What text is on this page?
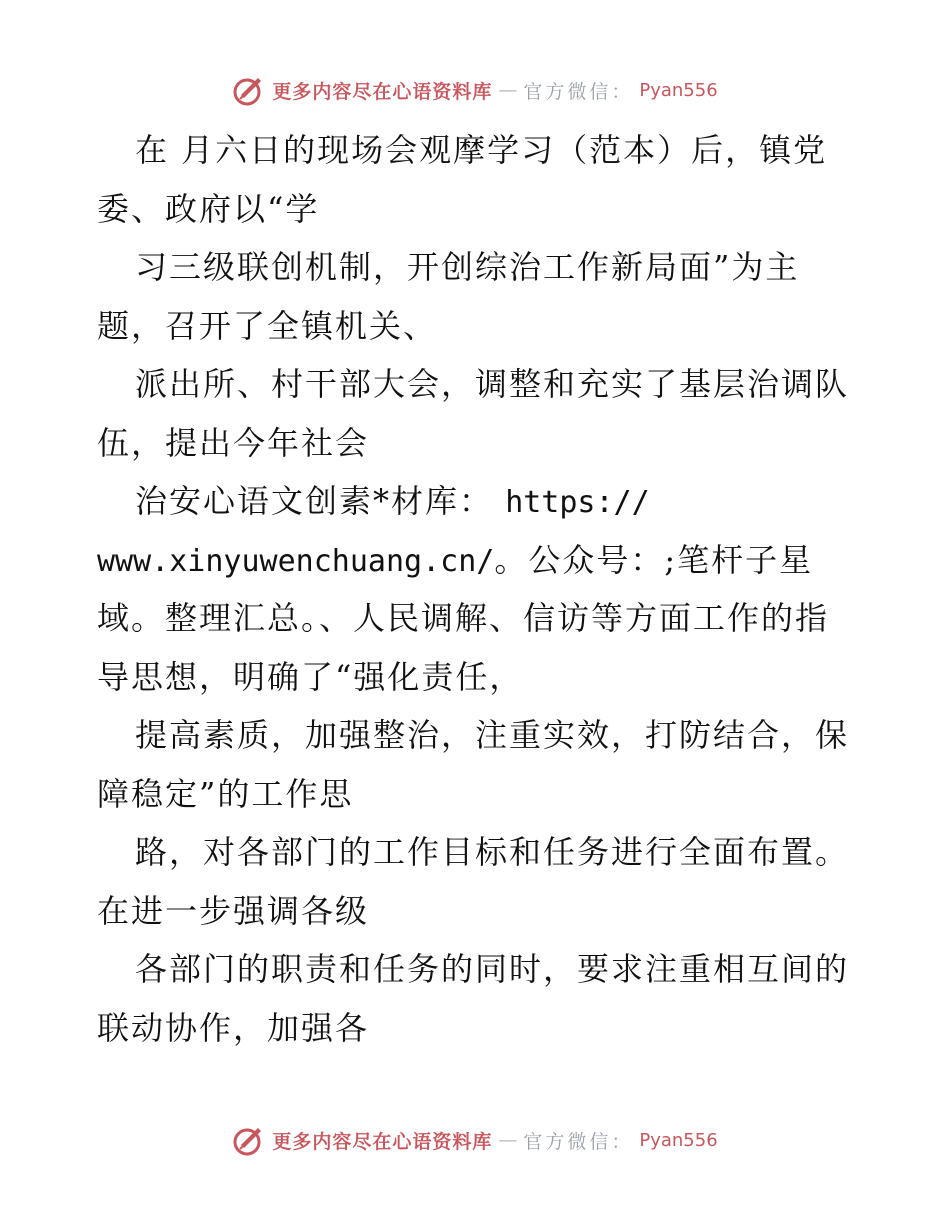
更多内容尽在心语资料库 — 官方微信： Pyan556
在 月六日的现场会观摩学习（范本）后，镇党
委、政府以“学
习三级联创机制，开创综治工作新局面”为主
题，召开了全镇机关、
派出所、村干部大会，调整和充实了基层治调队
伍，提出今年社会
治安心语文创素*材库： https://
www.xinyuwenchuang.cn/。公众号：;笔杆子星
域。整理汇总。、人民调解、信访等方面工作的指
导思想，明确了“强化责任，
提高素质，加强整治，注重实效，打防结合，保
障稳定”的工作思
路，对各部门的工作目标和任务进行全面布置。
在进一步强调各级
各部门的职责和任务的同时，要求注重相互间的
联动协作，加强各
更多内容尽在心语资料库 — 官方微信： Pyan556
